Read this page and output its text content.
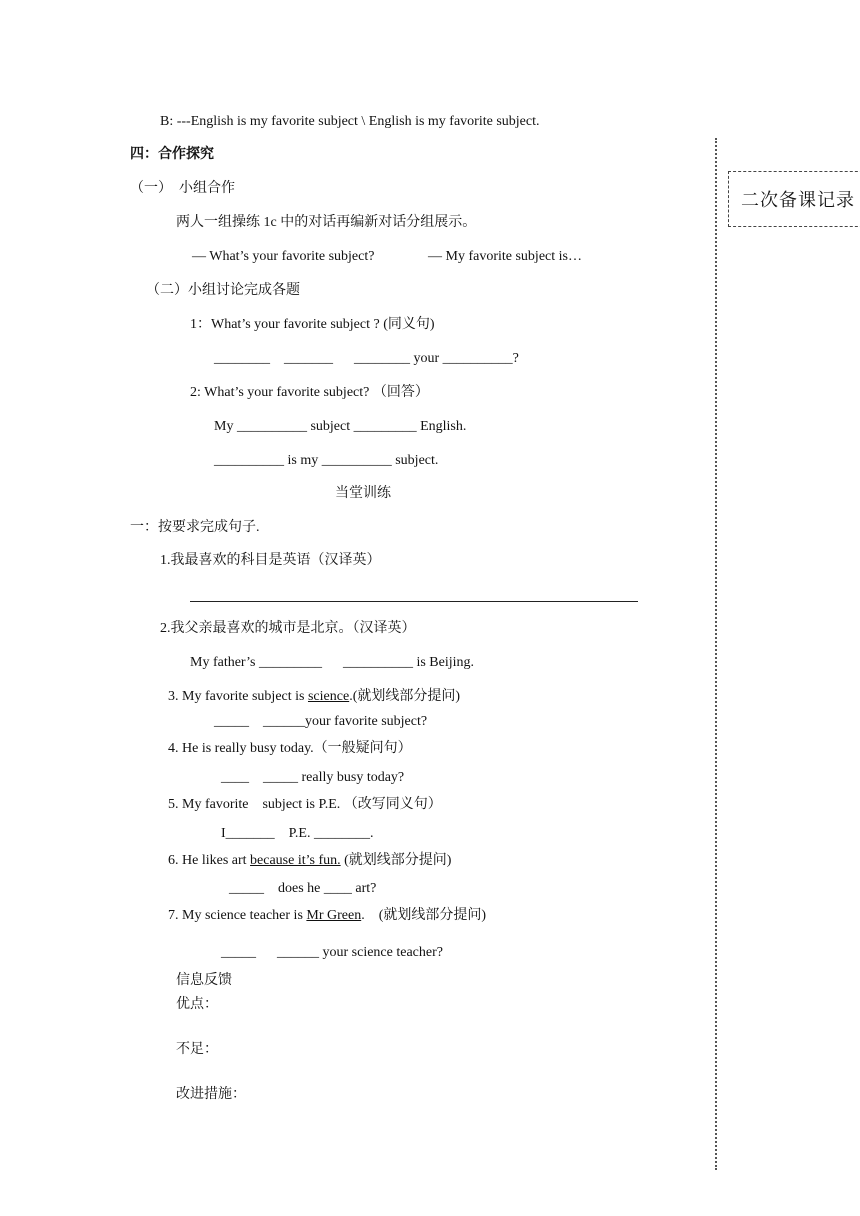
B: ---English is my favorite subject \ English is my favorite subject.
四：合作探究
（一）  小组合作
两人一组操练 1c 中的对话再编新对话分组展示。
— What’s your favorite subject?	— My favorite subject is…
（二）小组讨论完成各题
1：What’s your favorite subject ? (同义句)
________    _______      ________ your __________?
2: What’s your favorite subject? （回答）
My __________ subject _________ English.
__________ is my __________ subject.
当堂训练
一：按要求完成句子.
1.我最喜欢的科目是英语（汉译英）
2.我父亲最喜欢的城市是北京。（汉译英）
My father’s _________      __________ is Beijing.
3. My favorite subject is science.(就划线部分提问)
_____    ______your favorite subject?
4. He is really busy today.（一般疑问句）
____    _____ really busy today?
5. My favorite    subject is P.E. （改写同义句）
I_______    P.E. ________.
6. He likes art because it’s fun. (就划线部分提问)
_____    does he ____ art?
7. My science teacher is Mr Green.    (就划线部分提问)
_____      ______ your science teacher?
信息反馈
优点：
不足：
改进措施：
二次备课记录
